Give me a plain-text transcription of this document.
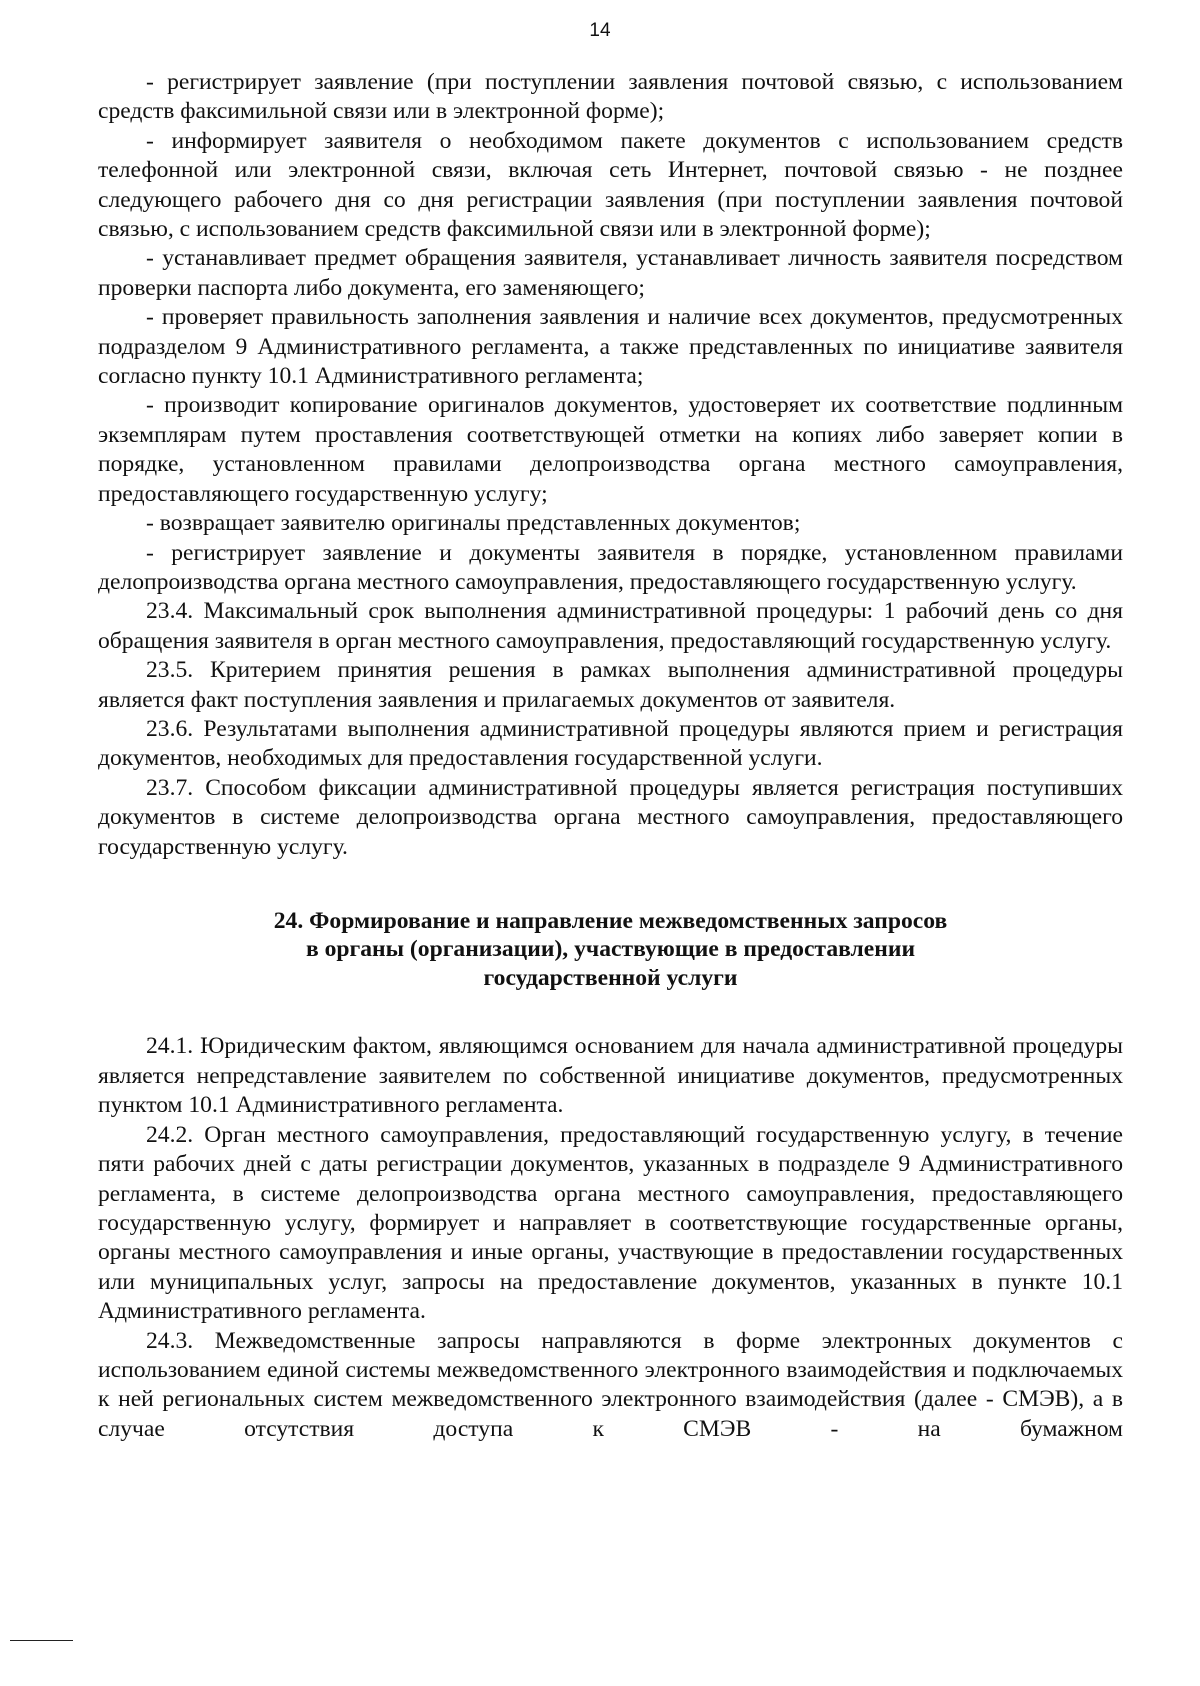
14

- регистрирует заявление (при поступлении заявления почтовой связью, с использованием средств факсимильной связи или в электронной форме);

- информирует заявителя о необходимом пакете документов с использованием средств телефонной или электронной связи, включая сеть Интернет, почтовой связью - не позднее следующего рабочего дня со дня регистрации заявления (при поступлении заявления почтовой связью, с использованием средств факсимильной связи или в электронной форме);

- устанавливает предмет обращения заявителя, устанавливает личность заявителя посредством проверки паспорта либо документа, его заменяющего;

- проверяет правильность заполнения заявления и наличие всех документов, предусмотренных подразделом 9 Административного регламента, а также представленных по инициативе заявителя согласно пункту 10.1 Административного регламента;

- производит копирование оригиналов документов, удостоверяет их соответствие подлинным экземплярам путем проставления соответствующей отметки на копиях либо заверяет копии в порядке, установленном правилами делопроизводства органа местного самоуправления, предоставляющего государственную услугу;

- возвращает заявителю оригиналы представленных документов;

- регистрирует заявление и документы заявителя в порядке, установленном правилами делопроизводства органа местного самоуправления, предоставляющего государственную услугу.

23.4. Максимальный срок выполнения административной процедуры: 1 рабочий день со дня обращения заявителя в орган местного самоуправления, предоставляющий государственную услугу.

23.5. Критерием принятия решения в рамках выполнения административной процедуры является факт поступления заявления и прилагаемых документов от заявителя.

23.6. Результатами выполнения административной процедуры являются прием и регистрация документов, необходимых для предоставления государственной услуги.

23.7. Способом фиксации административной процедуры является регистрация поступивших документов в системе делопроизводства органа местного самоуправления, предоставляющего государственную услугу.

24. Формирование и направление межведомственных запросов
в органы (организации), участвующие в предоставлении
государственной услуги

24.1. Юридическим фактом, являющимся основанием для начала административной процедуры является непредставление заявителем по собственной инициативе документов, предусмотренных пунктом 10.1 Административного регламента.

24.2. Орган местного самоуправления, предоставляющий государственную услугу, в течение пяти рабочих дней с даты регистрации документов, указанных в подразделе 9 Административного регламента, в системе делопроизводства органа местного самоуправления, предоставляющего государственную услугу, формирует и направляет в соответствующие государственные органы, органы местного самоуправления и иные органы, участвующие в предоставлении государственных или муниципальных услуг, запросы на предоставление документов, указанных в пункте 10.1 Административного регламента.

24.3. Межведомственные запросы направляются в форме электронных документов с использованием единой системы межведомственного электронного взаимодействия и подключаемых к ней региональных систем межведомственного электронного взаимодействия (далее - СМЭВ), а в случае отсутствия доступа к СМЭВ - на бумажном
